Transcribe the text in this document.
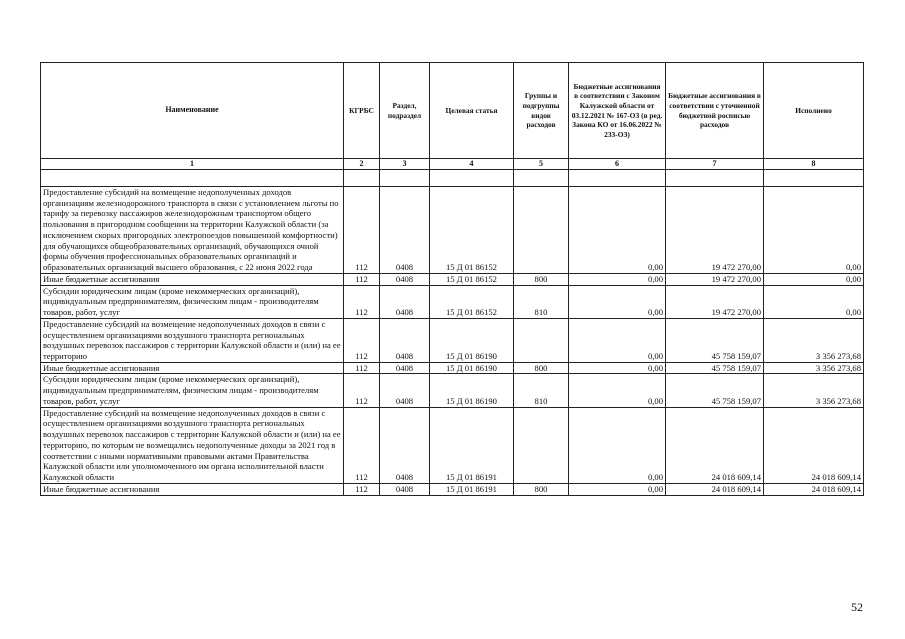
Наименование	КГРБС	Раздел, подраздел	Целевая статья	Группы и подгруппы видов расходов	Бюджетные ассигнования в соответствии с Законом Калужской области от 03.12.2021 № 167-ОЗ (в ред. Закона КО от 16.06.2022 № 233-ОЗ)	Бюджетные ассигнования в соответствии с уточненной бюджетной росписью расходов	Исполнено
1	2	3	4	5	6	7	8

Предоставление субсидий на возмещение недополученных доходов организациям железнодорожного транспорта в связи с установлением льготы по тарифу за перевозку пассажиров железнодорожным транспортом общего пользования в пригородном сообщении на территории Калужской области (за исключением скорых пригородных электропоездов повышенной комфортности) для обучающихся общеобразовательных организаций, обучающихся очной формы обучения профессиональных образовательных организаций и образовательных организаций высшего образования, с 22 июня 2022 года	112	0408	15 Д 01 86152		0,00	19 472 270,00	0,00
Иные бюджетные ассигнования	112	0408	15 Д 01 86152	800	0,00	19 472 270,00	0,00
Субсидии юридическим лицам (кроме некоммерческих организаций), индивидуальным предпринимателям, физическим лицам - производителям товаров, работ, услуг	112	0408	15 Д 01 86152	810	0,00	19 472 270,00	0,00
Предоставление субсидий на возмещение недополученных доходов в связи с осуществлением организациями воздушного транспорта региональных воздушных перевозок пассажиров с территории Калужской области и (или) на ее территорию	112	0408	15 Д 01 86190		0,00	45 758 159,07	3 356 273,68
Иные бюджетные ассигнования	112	0408	15 Д 01 86190	800	0,00	45 758 159,07	3 356 273,68
Субсидии юридическим лицам (кроме некоммерческих организаций), индивидуальным предпринимателям, физическим лицам - производителям товаров, работ, услуг	112	0408	15 Д 01 86190	810	0,00	45 758 159,07	3 356 273,68
Предоставление субсидий на возмещение недополученных доходов в связи с осуществлением организациями воздушного транспорта региональных воздушных перевозок пассажиров с территории Калужской области и (или) на ее территорию, по которым не возмещались недополученные доходы за 2021 год в соответствии с иными нормативными правовыми актами Правительства Калужской области или уполномоченного им органа исполнительной власти Калужской области	112	0408	15 Д 01 86191		0,00	24 018 609,14	24 018 609,14
Иные бюджетные ассигнования	112	0408	15 Д 01 86191	800	0,00	24 018 609,14	24 018 609,14
52
